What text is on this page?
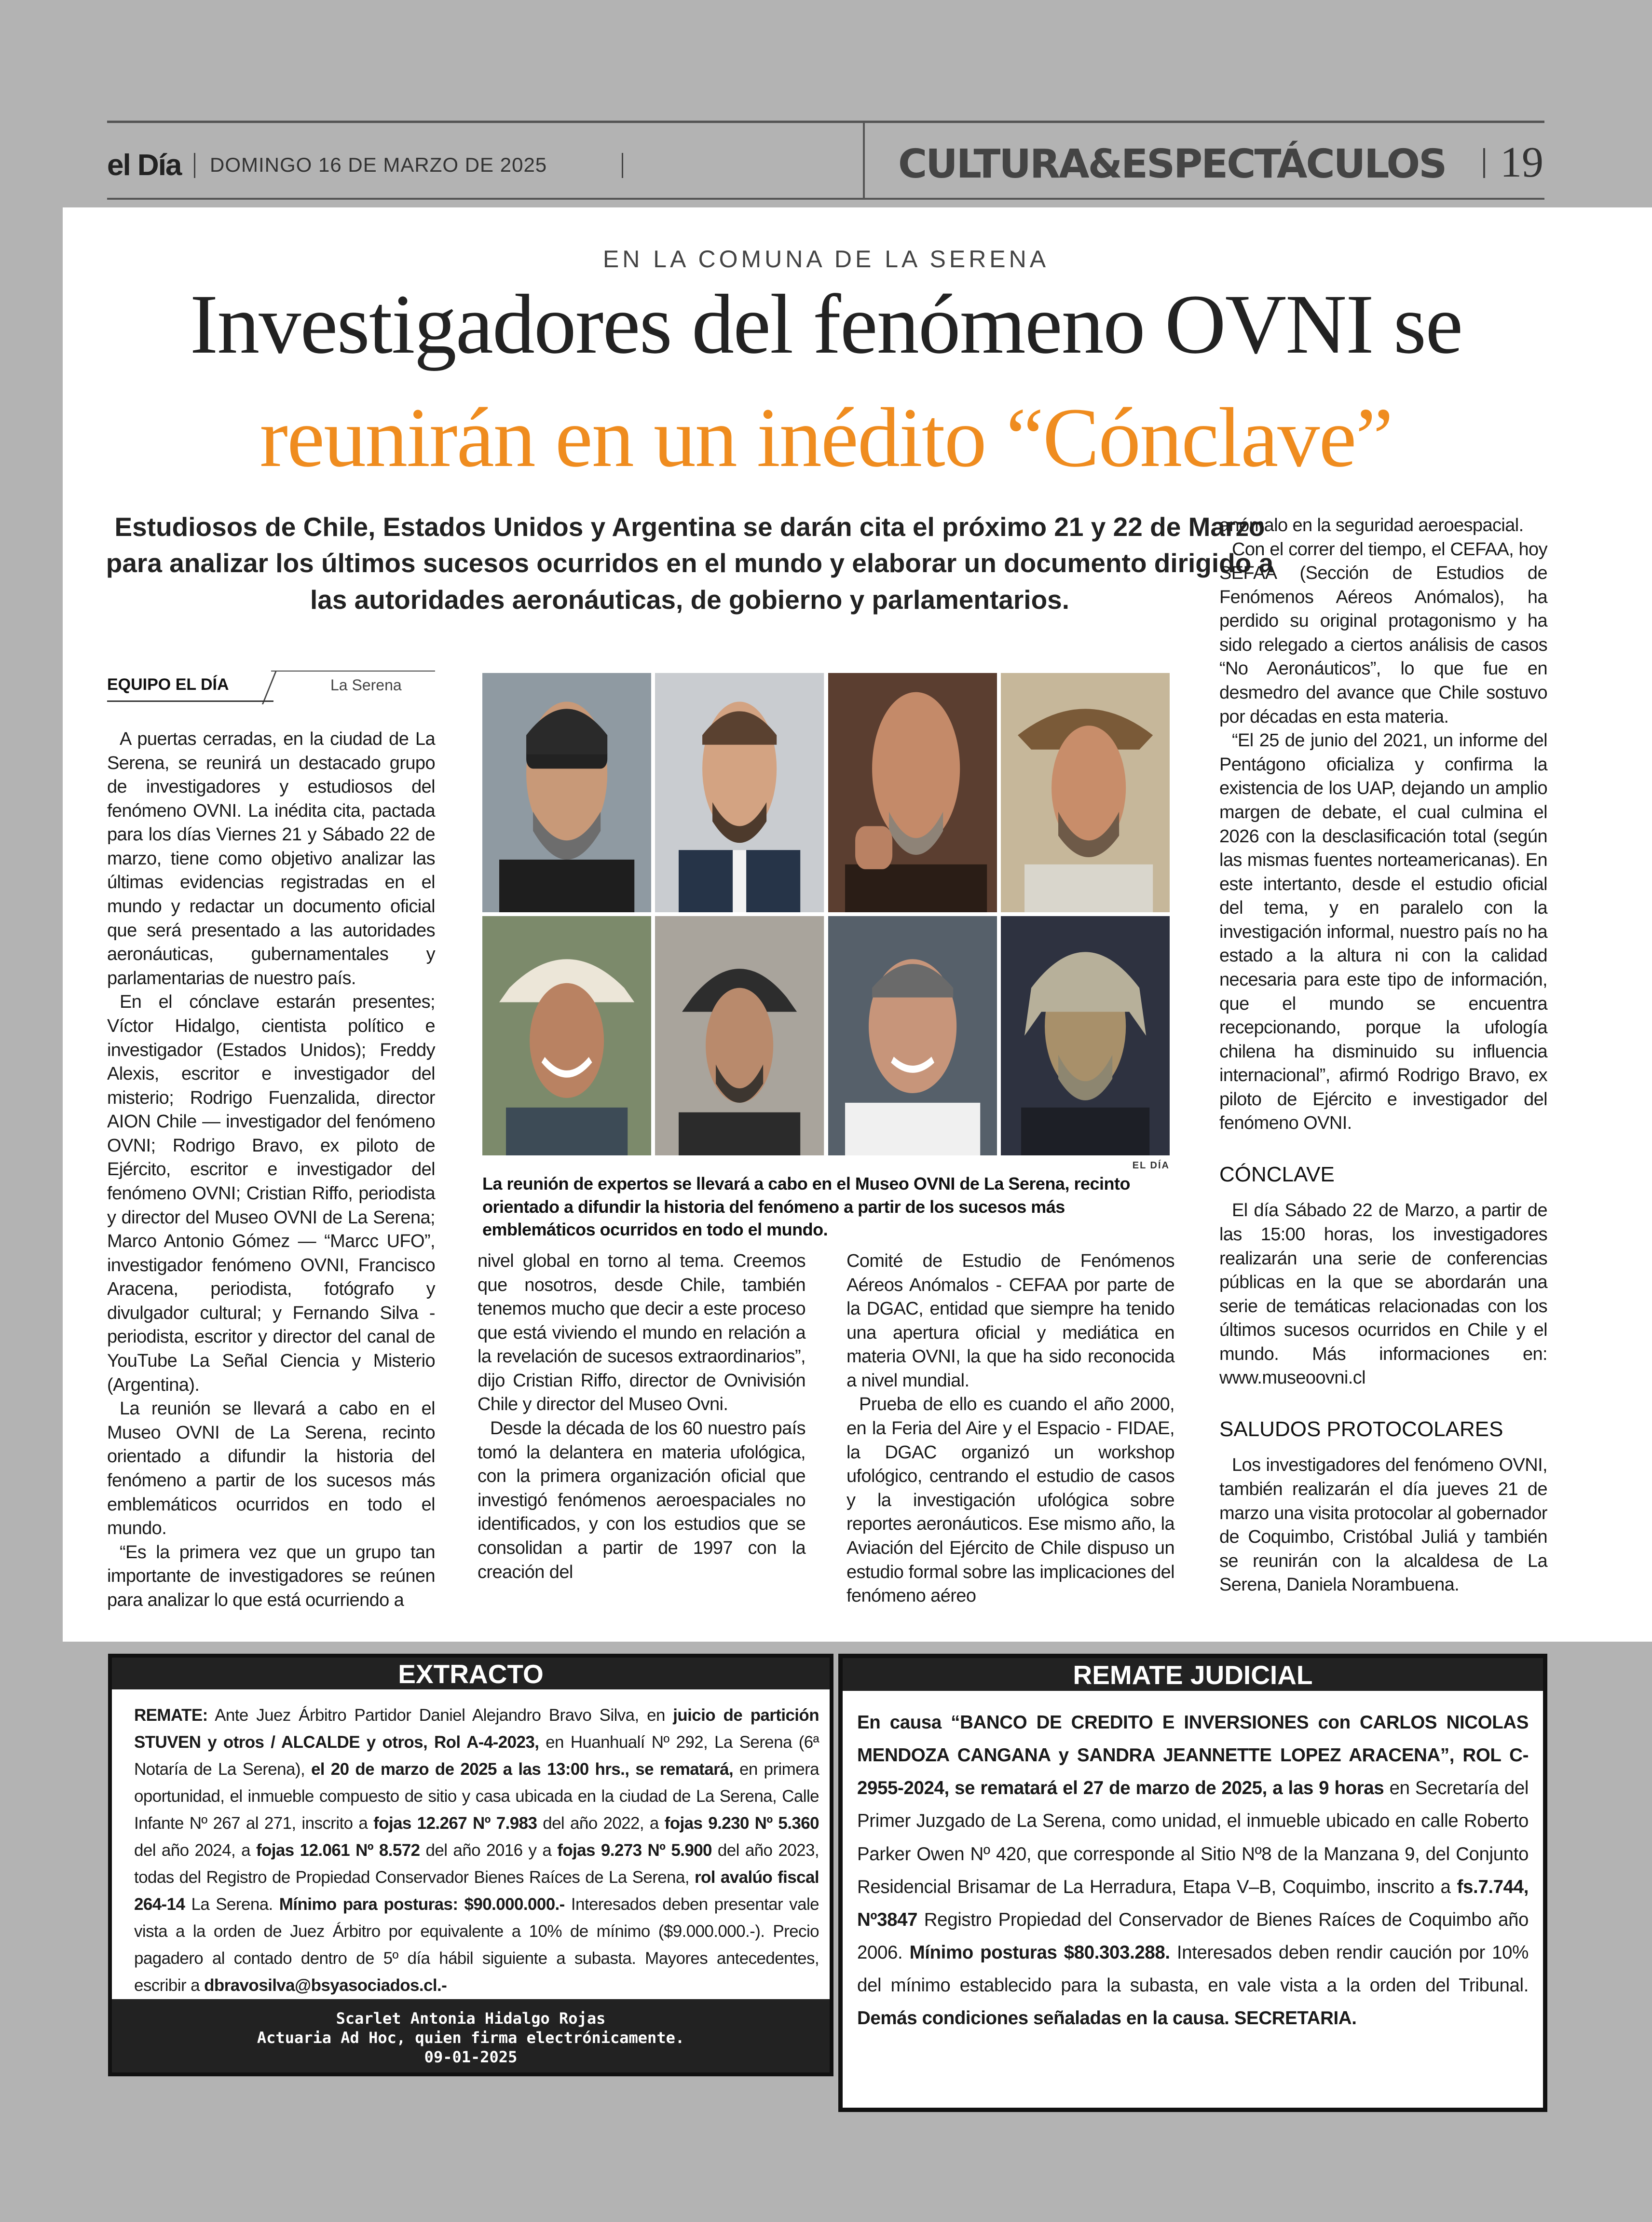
el Día DOMINGO 16 DE MARZO DE 2025	CULTURA&ESPECTÁCULOS 19
EN LA COMUNA DE LA SERENA
Investigadores del fenómeno OVNI se
reunirán en un inédito “Cónclave”
Estudiosos de Chile, Estados Unidos y Argentina se darán cita el próximo 21 y 22 de Marzo para analizar los últimos sucesos ocurridos en el mundo y elaborar un documento dirigido a las autoridades aeronáuticas, de gobierno y parlamentarios.
EQUIPO EL DÍA	La Serena

A puertas cerradas, en la ciudad de La Serena, se reunirá un destacado grupo de investigadores y estudiosos del fenómeno OVNI. La inédita cita, pactada para los días Viernes 21 y Sábado 22 de marzo, tiene como objetivo analizar las últimas evidencias registradas en el mundo y redactar un documento oficial que será presentado a las autoridades aeronáuticas, gubernamentales y parlamentarias de nuestro país.

En el cónclave estarán presentes; Víctor Hidalgo, cientista político e investigador (Estados Unidos); Freddy Alexis, escritor e investigador del misterio; Rodrigo Fuenzalida, director AION Chile — investigador del fenómeno OVNI; Rodrigo Bravo, ex piloto de Ejército, escritor e investigador del fenómeno OVNI; Cristian Riffo, periodista y director del Museo OVNI de La Serena; Marco Antonio Gómez — “Marcc UFO”, investigador fenómeno OVNI, Francisco Aracena, periodista, fotógrafo y divulgador cultural; y Fernando Silva - periodista, escritor y director del canal de YouTube La Señal Ciencia y Misterio (Argentina).

La reunión se llevará a cabo en el Museo OVNI de La Serena, recinto orientado a difundir la historia del fenómeno a partir de los sucesos más emblemáticos ocurridos en todo el mundo.

“Es la primera vez que un grupo tan importante de investigadores se reúnen para analizar lo que está ocurriendo a

EL DÍA
La reunión de expertos se llevará a cabo en el Museo OVNI de La Serena, recinto orientado a difundir la historia del fenómeno a partir de los sucesos más emblemáticos ocurridos en todo el mundo.

nivel global en torno al tema. Creemos que nosotros, desde Chile, también tenemos mucho que decir a este proceso que está viviendo el mundo en relación a la revelación de sucesos extraordinarios”, dijo Cristian Riffo, director de Ovnivisión Chile y director del Museo Ovni.

Desde la década de los 60 nuestro país tomó la delantera en materia ufológica, con la primera organización oficial que investigó fenómenos aeroespaciales no identificados, y con los estudios que se consolidan a partir de 1997 con la creación del

Comité de Estudio de Fenómenos Aéreos Anómalos - CEFAA por parte de la DGAC, entidad que siempre ha tenido una apertura oficial y mediática en materia OVNI, la que ha sido reconocida a nivel mundial.

Prueba de ello es cuando el año 2000, en la Feria del Aire y el Espacio - FIDAE, la DGAC organizó un workshop ufológico, centrando el estudio de casos y la investigación ufológica sobre reportes aeronáuticos. Ese mismo año, la Aviación del Ejército de Chile dispuso un estudio formal sobre las implicaciones del fenómeno aéreo

anómalo en la seguridad aeroespacial.

Con el correr del tiempo, el CEFAA, hoy SEFAA (Sección de Estudios de Fenómenos Aéreos Anómalos), ha perdido su original protagonismo y ha sido relegado a ciertos análisis de casos “No Aeronáuticos”, lo que fue en desmedro del avance que Chile sostuvo por décadas en esta materia.

“El 25 de junio del 2021, un informe del Pentágono oficializa y confirma la existencia de los UAP, dejando un amplio margen de debate, el cual culmina el 2026 con la desclasificación total (según las mismas fuentes norteamericanas). En este intertanto, desde el estudio oficial del tema, y en paralelo con la investigación informal, nuestro país no ha estado a la altura ni con la calidad necesaria para este tipo de información, que el mundo se encuentra recepcionando, porque la ufología chilena ha disminuido su influencia internacional”, afirmó Rodrigo Bravo, ex piloto de Ejército e investigador del fenómeno OVNI.

CÓNCLAVE

El día Sábado 22 de Marzo, a partir de las 15:00 horas, los investigadores realizarán una serie de conferencias públicas en la que se abordarán una serie de temáticas relacionadas con los últimos sucesos ocurridos en Chile y el mundo. Más informaciones en: www.museoovni.cl

SALUDOS PROTOCOLARES

Los investigadores del fenómeno OVNI, también realizarán el día jueves 21 de marzo una visita protocolar al gobernador de Coquimbo, Cristóbal Juliá y también se reunirán con la alcaldesa de La Serena, Daniela Norambuena.

EXTRACTO
REMATE: Ante Juez Árbitro Partidor Daniel Alejandro Bravo Silva, en juicio de partición STUVEN y otros / ALCALDE y otros, Rol A-4-2023, en Huanhualí Nº 292, La Serena (6ª Notaría de La Serena), el 20 de marzo de 2025 a las 13:00 hrs., se rematará, en primera oportunidad, el inmueble compuesto de sitio y casa ubicada en la ciudad de La Serena, Calle Infante Nº 267 al 271, inscrito a fojas 12.267 Nº 7.983 del año 2022, a fojas 9.230 Nº 5.360 del año 2024, a fojas 12.061 Nº 8.572 del año 2016 y a fojas 9.273 Nº 5.900 del año 2023, todas del Registro de Propiedad Conservador Bienes Raíces de La Serena, rol avalúo fiscal 264-14 La Serena. Mínimo para posturas: $90.000.000.- Interesados deben presentar vale vista a la orden de Juez Árbitro por equivalente a 10% de mínimo ($9.000.000.-). Precio pagadero al contado dentro de 5º día hábil siguiente a subasta. Mayores antecedentes, escribir a dbravosilva@bsyasociados.cl.-
Scarlet Antonia Hidalgo Rojas
Actuaria Ad Hoc, quien firma electrónicamente.
09-01-2025
REMATE JUDICIAL
En causa “BANCO DE CREDITO E INVERSIONES con CARLOS NICOLAS MENDOZA CANGANA y SANDRA JEANNETTE LOPEZ ARACENA”, ROL C- 2955-2024, se rematará el 27 de marzo de 2025, a las 9 horas en Secretaría del Primer Juzgado de La Serena, como unidad, el inmueble ubicado en calle Roberto Parker Owen Nº 420, que corresponde al Sitio Nº8 de la Manzana 9, del Conjunto Residencial Brisamar de La Herradura, Etapa V–B, Coquimbo, inscrito a fs.7.744, Nº3847 Registro Propiedad del Conservador de Bienes Raíces de Coquimbo año 2006. Mínimo posturas $80.303.288. Interesados deben rendir caución por 10% del mínimo establecido para la subasta, en vale vista a la orden del Tribunal. Demás condiciones señaladas en la causa. SECRETARIA.
